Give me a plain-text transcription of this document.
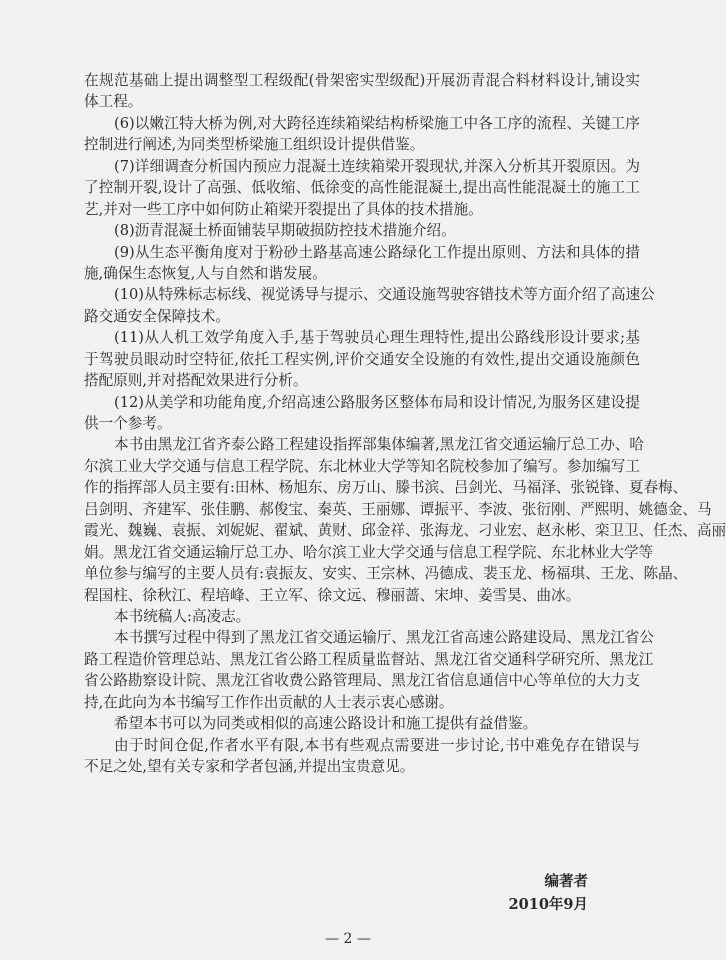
在规范基础上提出调整型工程级配(骨架密实型级配)开展沥青混合料材料设计,铺设实
体工程。
(6)以嫩江特大桥为例,对大跨径连续箱梁结构桥梁施工中各工序的流程、关键工序
控制进行阐述,为同类型桥梁施工组织设计提供借鉴。
(7)详细调查分析国内预应力混凝土连续箱梁开裂现状,并深入分析其开裂原因。为
了控制开裂,设计了高强、低收缩、低徐变的高性能混凝土,提出高性能混凝土的施工工
艺,并对一些工序中如何防止箱梁开裂提出了具体的技术措施。
(8)沥青混凝土桥面铺装早期破损防控技术措施介绍。
(9)从生态平衡角度对于粉砂土路基高速公路绿化工作提出原则、方法和具体的措
施,确保生态恢复,人与自然和谐发展。
(10)从特殊标志标线、视觉诱导与提示、交通设施驾驶容错技术等方面介绍了高速公
路交通安全保障技术。
(11)从人机工效学角度入手,基于驾驶员心理生理特性,提出公路线形设计要求;基
于驾驶员眼动时空特征,依托工程实例,评价交通安全设施的有效性,提出交通设施颜色
搭配原则,并对搭配效果进行分析。
(12)从美学和功能角度,介绍高速公路服务区整体布局和设计情况,为服务区建设提
供一个参考。
本书由黑龙江省齐泰公路工程建设指挥部集体编著,黑龙江省交通运输厅总工办、哈
尔滨工业大学交通与信息工程学院、东北林业大学等知名院校参加了编写。参加编写工
作的指挥部人员主要有:田林、杨旭东、房万山、滕书滨、吕剑光、马福泽、张锐锋、夏春梅、
吕剑明、齐建军、张佳鹏、郝俊宝、秦英、王丽娜、谭振平、李波、张衍刚、严熙明、姚德金、马
霞光、魏巍、袁振、刘妮妮、翟斌、黄财、邱金祥、张海龙、刁业宏、赵永彬、栾卫卫、任杰、高丽
娟。黑龙江省交通运输厅总工办、哈尔滨工业大学交通与信息工程学院、东北林业大学等
单位参与编写的主要人员有:袁振友、安实、王宗林、冯德成、裴玉龙、杨福琪、王龙、陈晶、
程国柱、徐秋江、程培峰、王立军、徐文远、穆丽蔷、宋坤、姜雪昊、曲冰。
本书统稿人:高凌志。
本书撰写过程中得到了黑龙江省交通运输厅、黑龙江省高速公路建设局、黑龙江省公
路工程造价管理总站、黑龙江省公路工程质量监督站、黑龙江省交通科学研究所、黑龙江
省公路勘察设计院、黑龙江省收费公路管理局、黑龙江省信息通信中心等单位的大力支
持,在此向为本书编写工作作出贡献的人士表示衷心感谢。
希望本书可以为同类或相似的高速公路设计和施工提供有益借鉴。
由于时间仓促,作者水平有限,本书有些观点需要进一步讨论,书中难免存在错误与
不足之处,望有关专家和学者包涵,并提出宝贵意见。
编著者
2010年9月
— 2 —
